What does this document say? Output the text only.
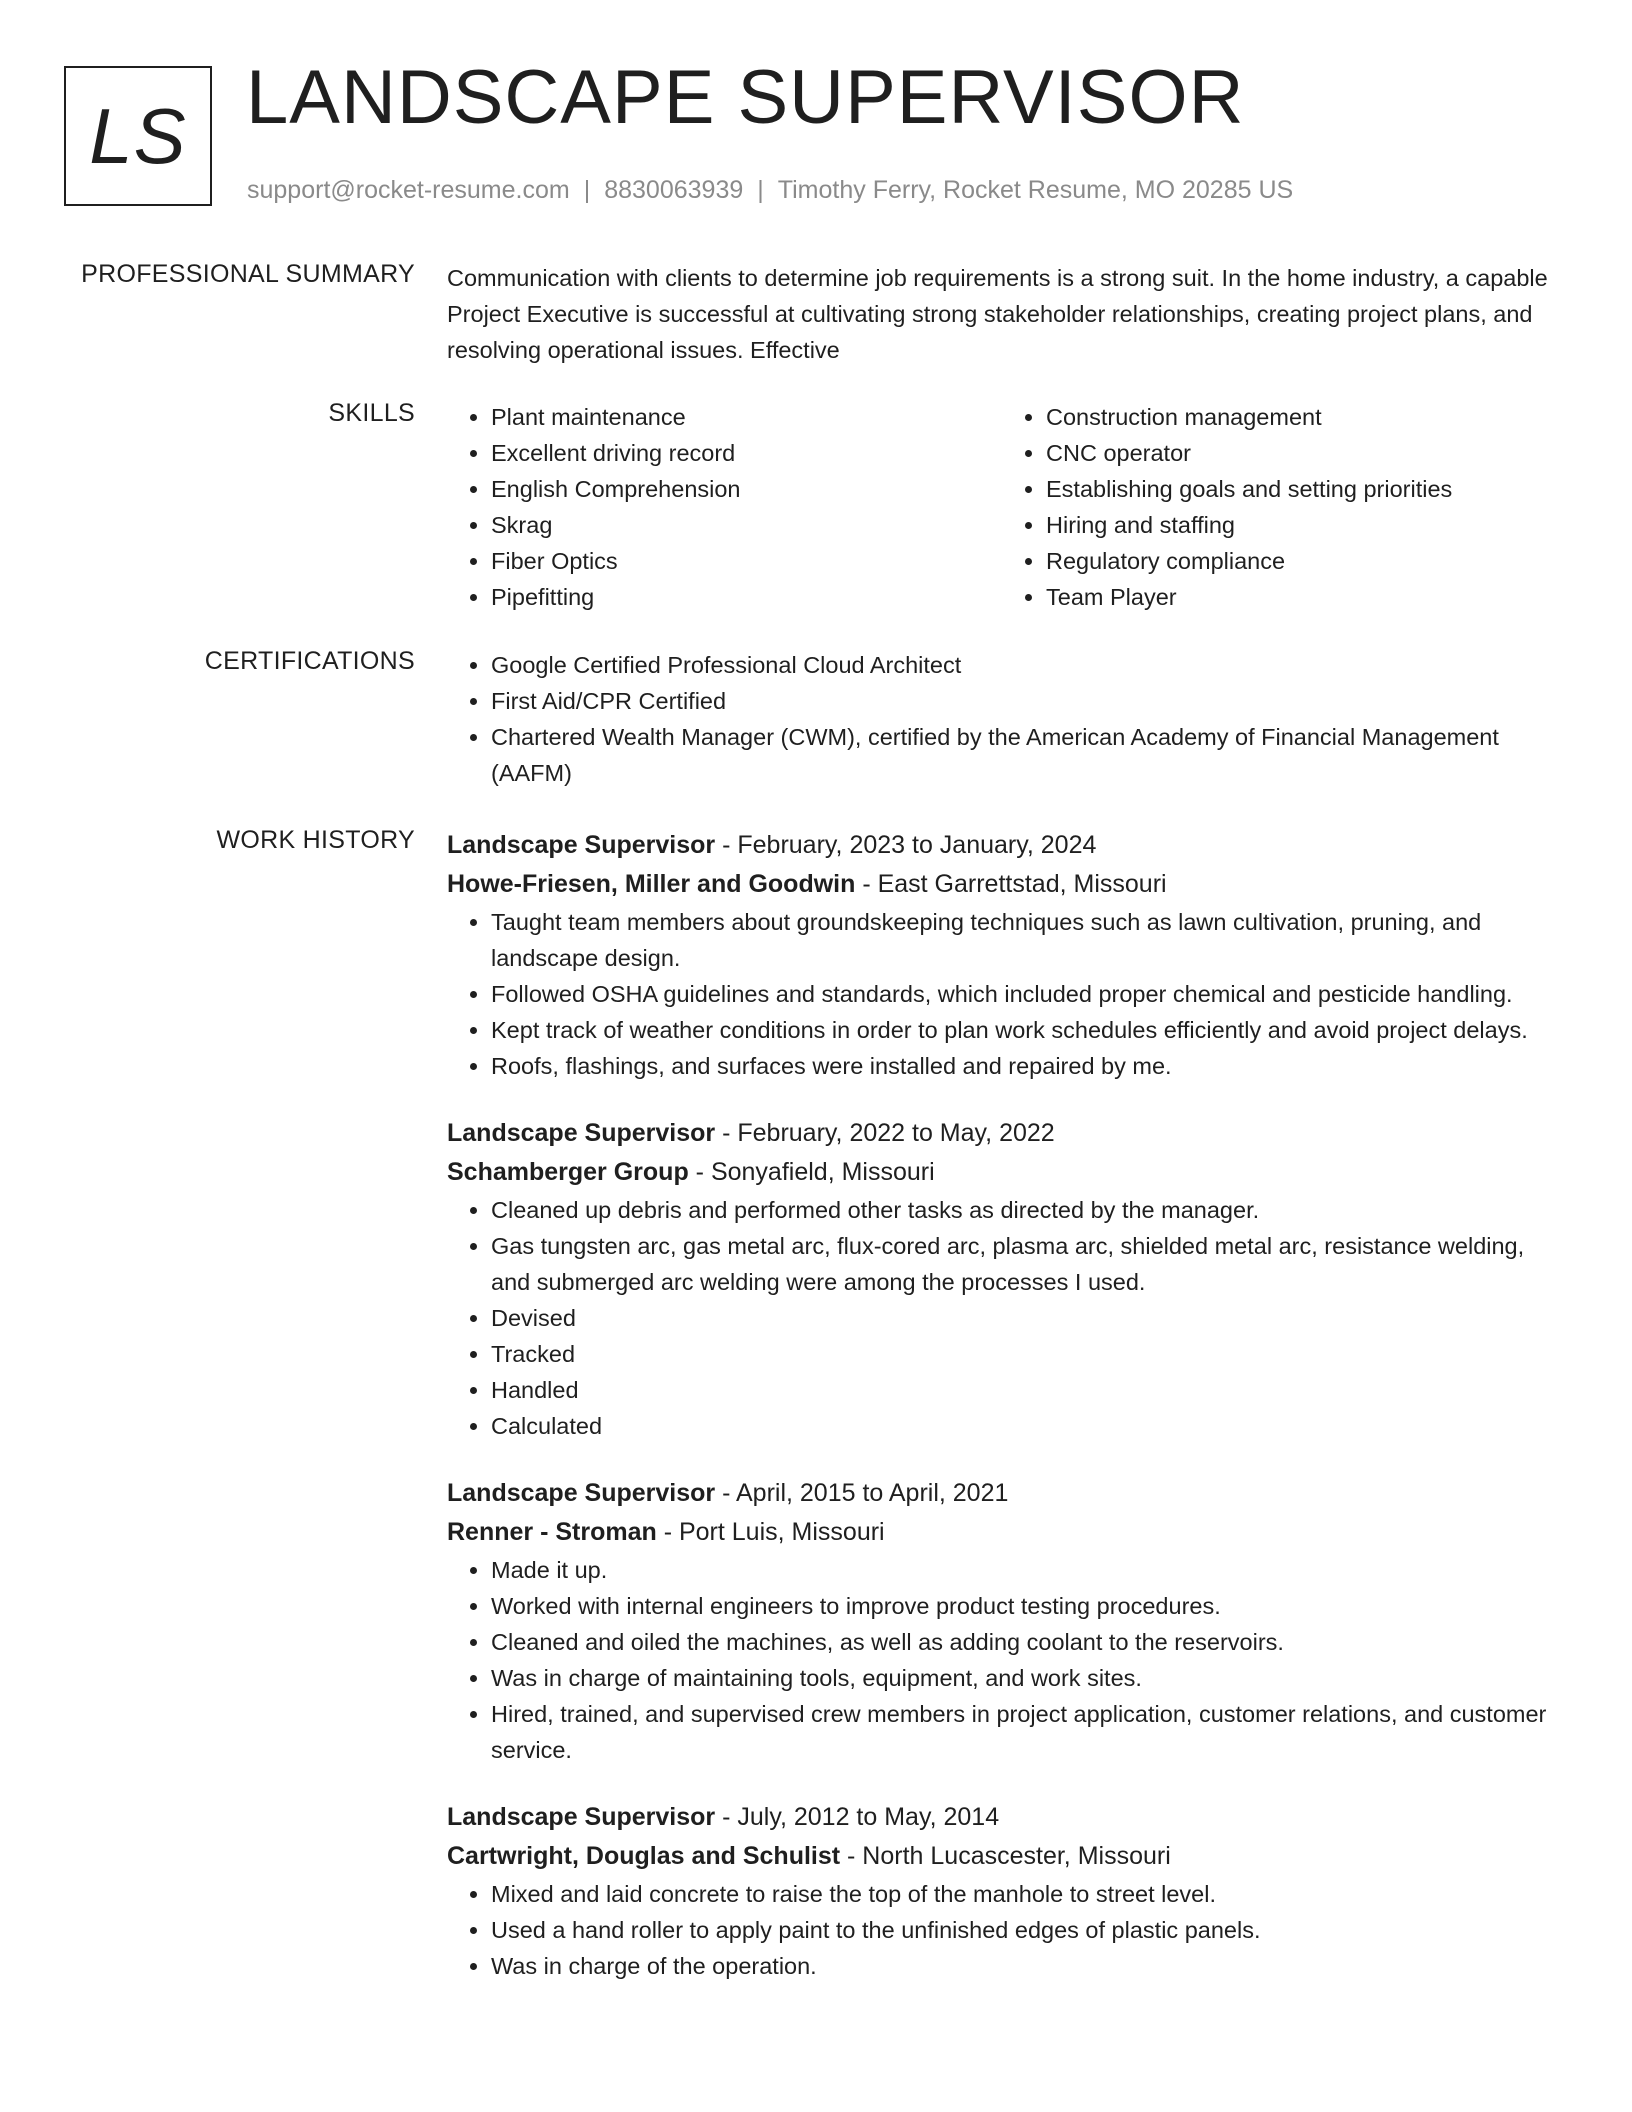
LS LANDSCAPE SUPERVISOR
support@rocket-resume.com | 8830063939 | Timothy Ferry, Rocket Resume, MO 20285 US
PROFESSIONAL SUMMARY Communication with clients to determine job requirements is a strong suit. In the home industry, a capable Project Executive is successful at cultivating strong stakeholder relationships, creating project plans, and resolving operational issues. Effective

SKILLS	• Plant maintenance
• Excellent driving record
• English Comprehension
• Skrag
• Fiber Optics
• Pipefitting
• Construction management
• CNC operator
• Establishing goals and setting priorities
• Hiring and staffing
• Regulatory compliance
• Team Player
CERTIFICATIONS	• Google Certified Professional Cloud Architect
• First Aid/CPR Certified
• Chartered Wealth Manager (CWM), certified by the American Academy of Financial Management (AAFM)
WORK HISTORY Landscape Supervisor - February, 2023 to January, 2024
Howe-Friesen, Miller and Goodwin - East Garrettstad, Missouri
• Taught team members about groundskeeping techniques such as lawn cultivation, pruning, and landscape design.
• Followed OSHA guidelines and standards, which included proper chemical and pesticide handling.
• Kept track of weather conditions in order to plan work schedules efficiently and avoid project delays.
• Roofs, flashings, and surfaces were installed and repaired by me.
Landscape Supervisor - February, 2022 to May, 2022
Schamberger Group - Sonyafield, Missouri
• Cleaned up debris and performed other tasks as directed by the manager.
• Gas tungsten arc, gas metal arc, flux-cored arc, plasma arc, shielded metal arc, resistance welding, and submerged arc welding were among the processes I used.
• Devised
• Tracked
• Handled
• Calculated
Landscape Supervisor - April, 2015 to April, 2021
Renner - Stroman - Port Luis, Missouri
• Made it up.
• Worked with internal engineers to improve product testing procedures.
• Cleaned and oiled the machines, as well as adding coolant to the reservoirs.
• Was in charge of maintaining tools, equipment, and work sites.
• Hired, trained, and supervised crew members in project application, customer relations, and customer service.
Landscape Supervisor - July, 2012 to May, 2014
Cartwright, Douglas and Schulist - North Lucascester, Missouri
• Mixed and laid concrete to raise the top of the manhole to street level.
• Used a hand roller to apply paint to the unfinished edges of plastic panels.
• Was in charge of the operation.
